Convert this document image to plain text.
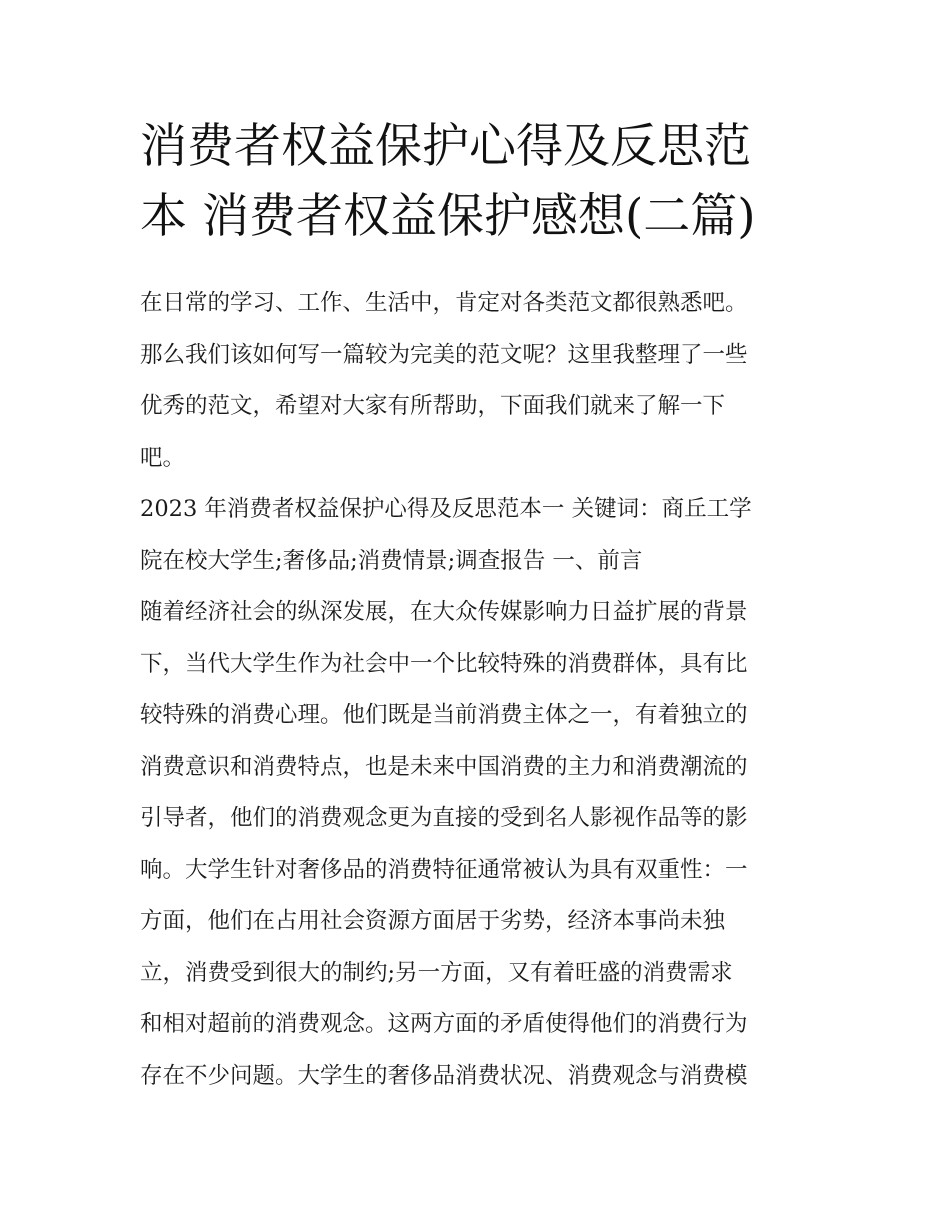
消费者权益保护心得及反思范
本 消费者权益保护感想(二篇)
在日常的学习、工作、生活中，肯定对各类范文都很熟悉吧。
那么我们该如何写一篇较为完美的范文呢？这里我整理了一些
优秀的范文，希望对大家有所帮助，下面我们就来了解一下
吧。
2023 年消费者权益保护心得及反思范本一 关键词：商丘工学
院在校大学生;奢侈品;消费情景;调查报告 一、前言
随着经济社会的纵深发展，在大众传媒影响力日益扩展的背景
下，当代大学生作为社会中一个比较特殊的消费群体，具有比
较特殊的消费心理。他们既是当前消费主体之一，有着独立的
消费意识和消费特点，也是未来中国消费的主力和消费潮流的
引导者，他们的消费观念更为直接的受到名人影视作品等的影
响。大学生针对奢侈品的消费特征通常被认为具有双重性：一
方面，他们在占用社会资源方面居于劣势，经济本事尚未独
立，消费受到很大的制约;另一方面，又有着旺盛的消费需求
和相对超前的消费观念。这两方面的矛盾使得他们的消费行为
存在不少问题。大学生的奢侈品消费状况、消费观念与消费模
